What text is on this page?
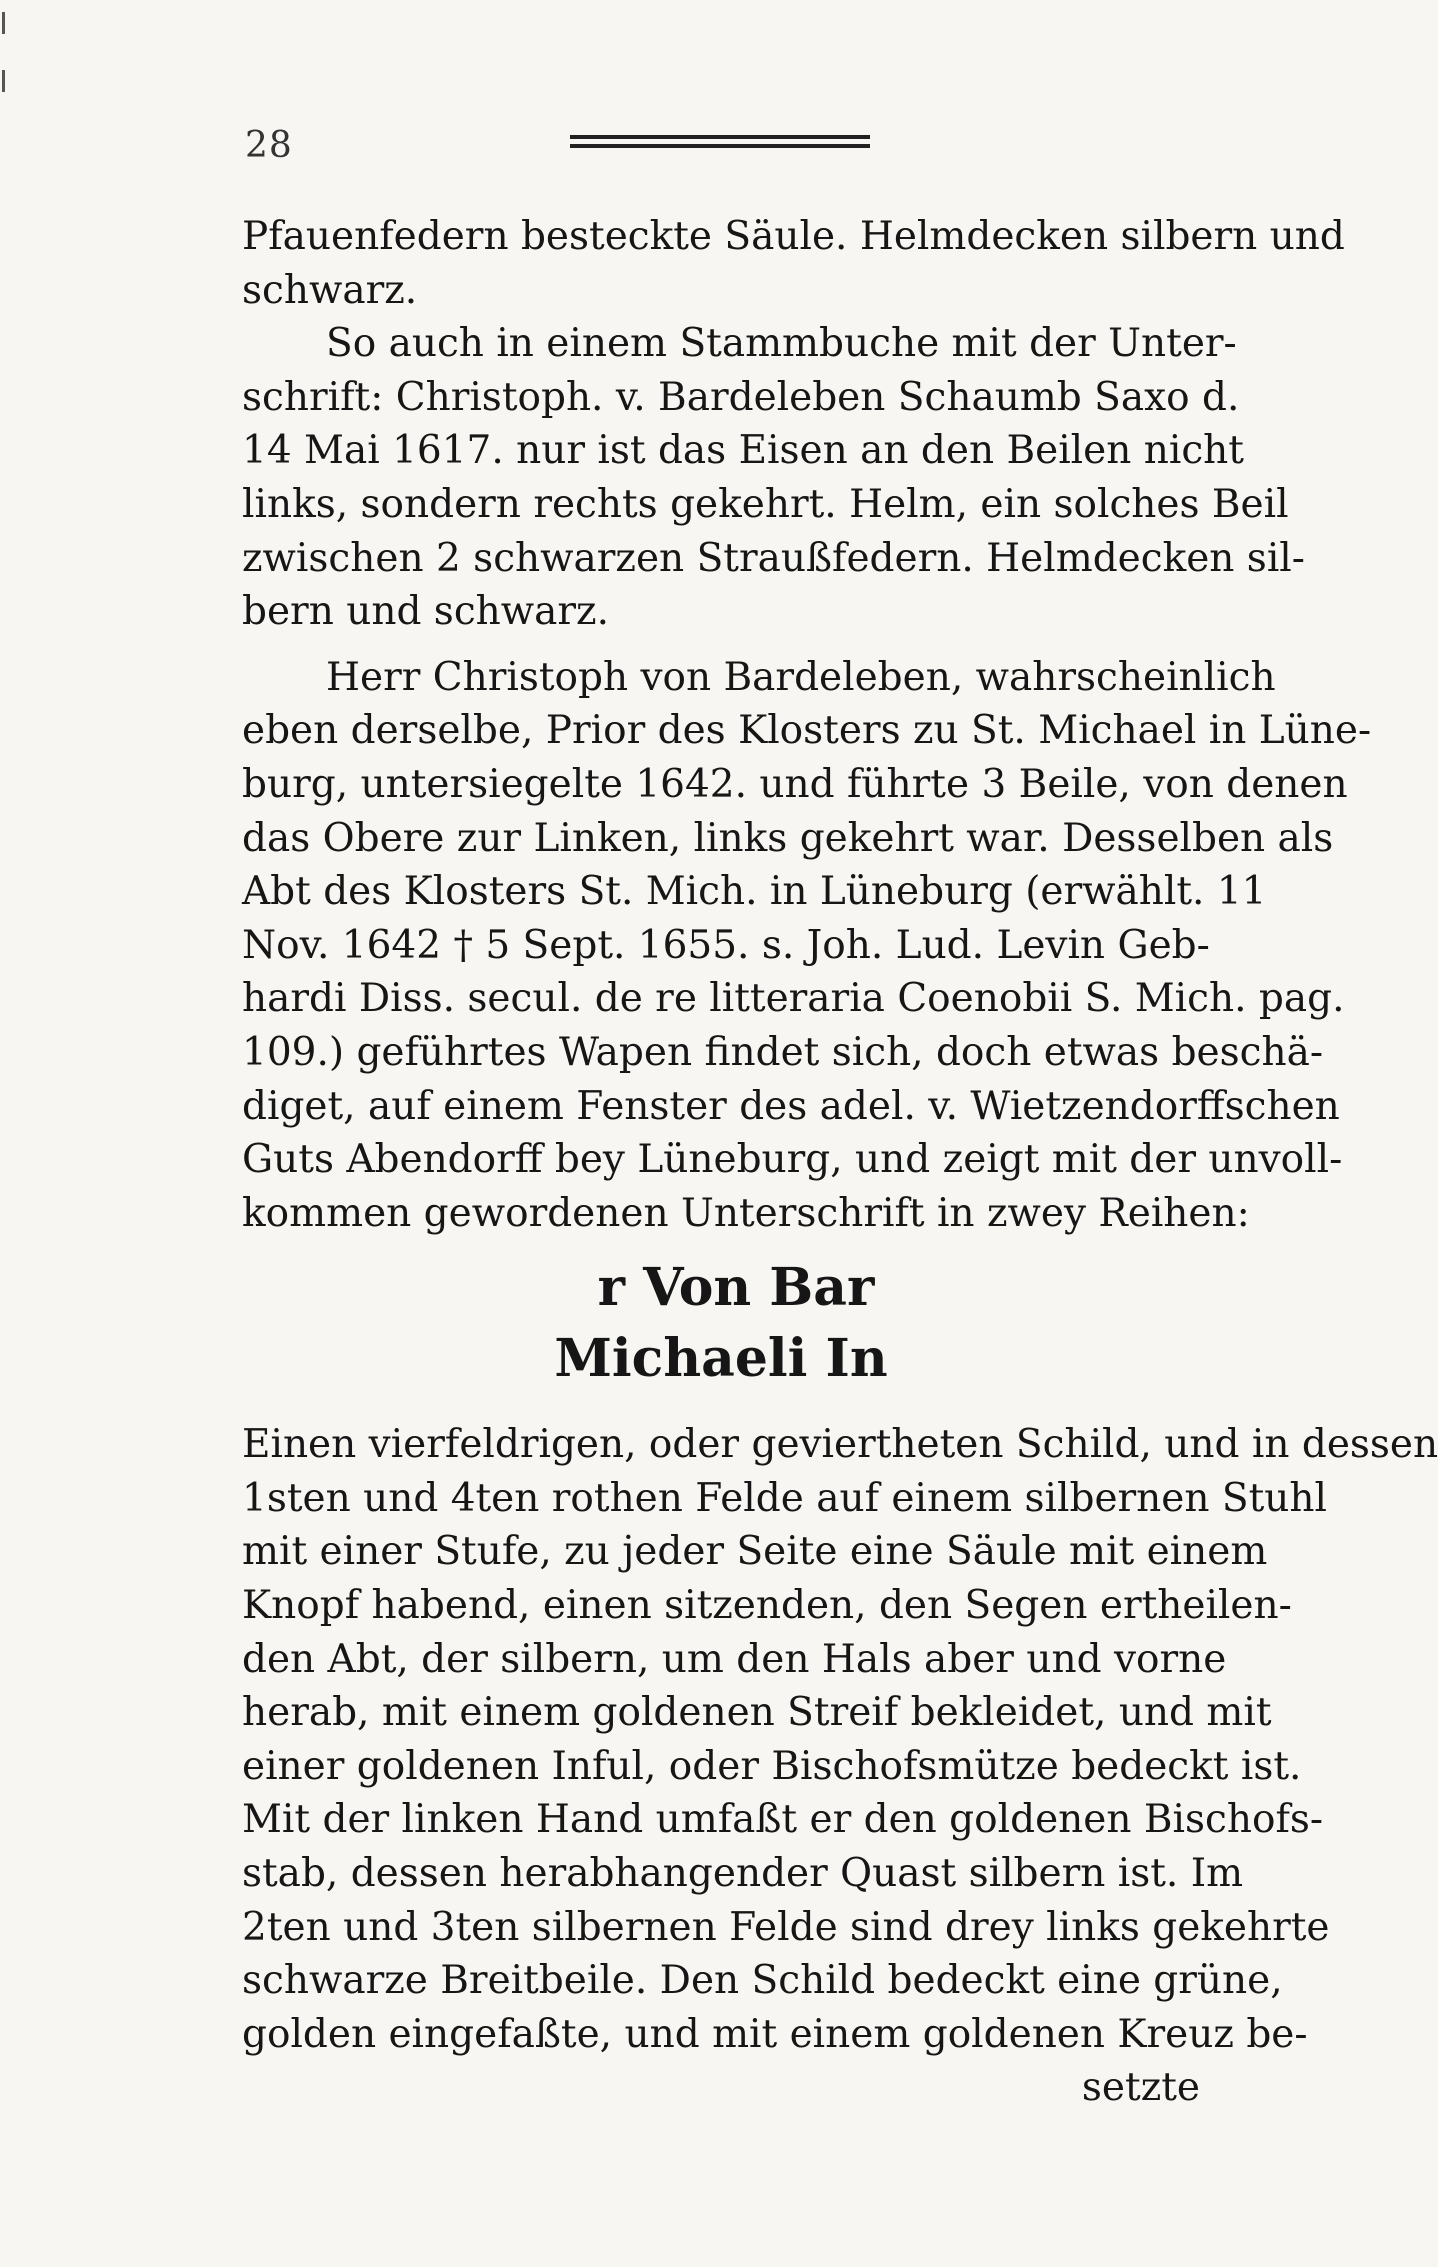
28
Pfauenfedern besteckte Säule. Helmdecken silbern und
schwarz.
So auch in einem Stammbuche mit der Unter-
schrift: Christoph. v. Bardeleben Schaumb Saxo d.
14 Mai 1617. nur ist das Eisen an den Beilen nicht
links, sondern rechts gekehrt. Helm, ein solches Beil
zwischen 2 schwarzen Straußfedern. Helmdecken sil-
bern und schwarz.
Herr Christoph von Bardeleben, wahrscheinlich
eben derselbe, Prior des Klosters zu St. Michael in Lüne-
burg, untersiegelte 1642. und führte 3 Beile, von denen
das Obere zur Linken, links gekehrt war. Desselben als
Abt des Klosters St. Mich. in Lüneburg (erwählt. 11
Nov. 1642 † 5 Sept. 1655. s. Joh. Lud. Levin Geb-
hardi Diss. secul. de re litteraria Coenobii S. Mich. pag.
109.) geführtes Wapen findet sich, doch etwas beschä-
diget, auf einem Fenster des adel. v. Wietzendorffschen
Guts Abendorff bey Lüneburg, und zeigt mit der unvoll-
kommen gewordenen Unterschrift in zwey Reihen:
r Von Bar
Michaeli In
Einen vierfeldrigen, oder geviertheten Schild, und in dessen
1sten und 4ten rothen Felde auf einem silbernen Stuhl
mit einer Stufe, zu jeder Seite eine Säule mit einem
Knopf habend, einen sitzenden, den Segen ertheilen-
den Abt, der silbern, um den Hals aber und vorne
herab, mit einem goldenen Streif bekleidet, und mit
einer goldenen Inful, oder Bischofsmütze bedeckt ist.
Mit der linken Hand umfaßt er den goldenen Bischofs-
stab, dessen herabhangender Quast silbern ist. Im
2ten und 3ten silbernen Felde sind drey links gekehrte
schwarze Breitbeile. Den Schild bedeckt eine grüne,
golden eingefaßte, und mit einem goldenen Kreuz be-
setzte
